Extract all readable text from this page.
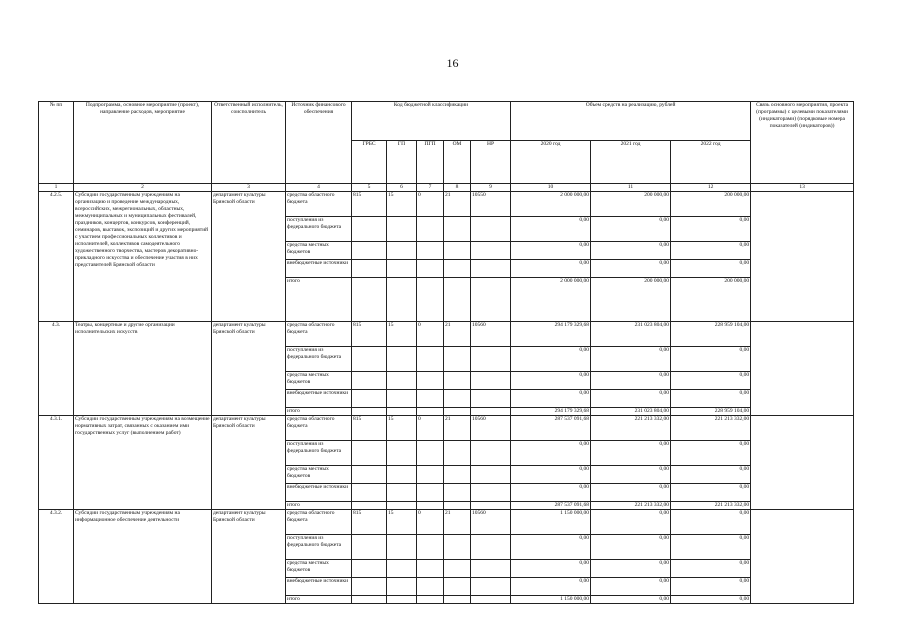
16
№ пп	Подпрограмма, основное мероприятие (проект), направление расходов, мероприятие	Ответственный исполнитель, соисполнитель	Источник финансового обеспечения	Код бюджетной классификации					Объем средств на реализацию, рублей			Связь основного мероприятия, проекта (программы) с целевыми показателями (индикаторами) (порядковые номера показателей (индикаторов))
				ГРБС	ГП	ПГП	ОМ	НР	2020 год	2021 год	2022 год	
1	2	3	4	5	6	7	8	9	10	11	12	13
4.2.5.	Субсидии государственным учреждениям на организацию и проведение международных, всероссийских, межрегиональных, областных, межмуниципальных и муниципальных фестивалей, праздников, концертов, конкурсов, конференций, семинаров, выставок, экспозиций и других мероприятий с участием профессиональных коллективов и исполнителей, коллективов самодеятельного художественного творчества, мастеров декоративно-прикладного искусства и обеспечение участия в них представителей Брянской области	департамент культуры Брянской области	средства областного бюджета	815	15	0	21	10550	2 000 000,00	200 000,00	200 000,00	
			поступления из федерального бюджета						0,00	0,00	0,00	
			средства местных бюджетов						0,00	0,00	0,00	
			внебюджетные источники						0,00	0,00	0,00	
			итого						2 000 000,00	200 000,00	200 000,00	
4.3.	Театры, концертные и другие организации исполнительских искусств	департамент культуры Брянской области	средства областного бюджета	815	15	0	21	10560	294 179 329,68	231 023 804,00	228 959 104,00	
			поступления из федерального бюджета						0,00	0,00	0,00	
			средства местных бюджетов						0,00	0,00	0,00	
			внебюджетные источники						0,00	0,00	0,00	
			итого						294 179 329,68	231 023 804,00	228 959 104,00	
4.3.1.	Субсидии государственным учреждениям на возмещение нормативных затрат, связанных с оказанием ими государственных услуг (выполнением работ)	департамент культуры Брянской области	средства областного бюджета	815	15	0	21	10560	287 537 091,68	221 213 332,00	221 213 332,00	
			поступления из федерального бюджета						0,00	0,00	0,00	
			средства местных бюджетов						0,00	0,00	0,00	
			внебюджетные источники						0,00	0,00	0,00	
			итого						287 537 091,68	221 213 332,00	221 213 332,00	
4.3.2.	Субсидии государственным учреждениям на информационное обеспечение деятельности	департамент культуры Брянской области	средства областного бюджета	815	15	0	21	10560	1 150 000,00	0,00	0,00	
			поступления из федерального бюджета						0,00	0,00	0,00	
			средства местных бюджетов						0,00	0,00	0,00	
			внебюджетные источники						0,00	0,00	0,00	
			итого						1 150 000,00	0,00	0,00	
